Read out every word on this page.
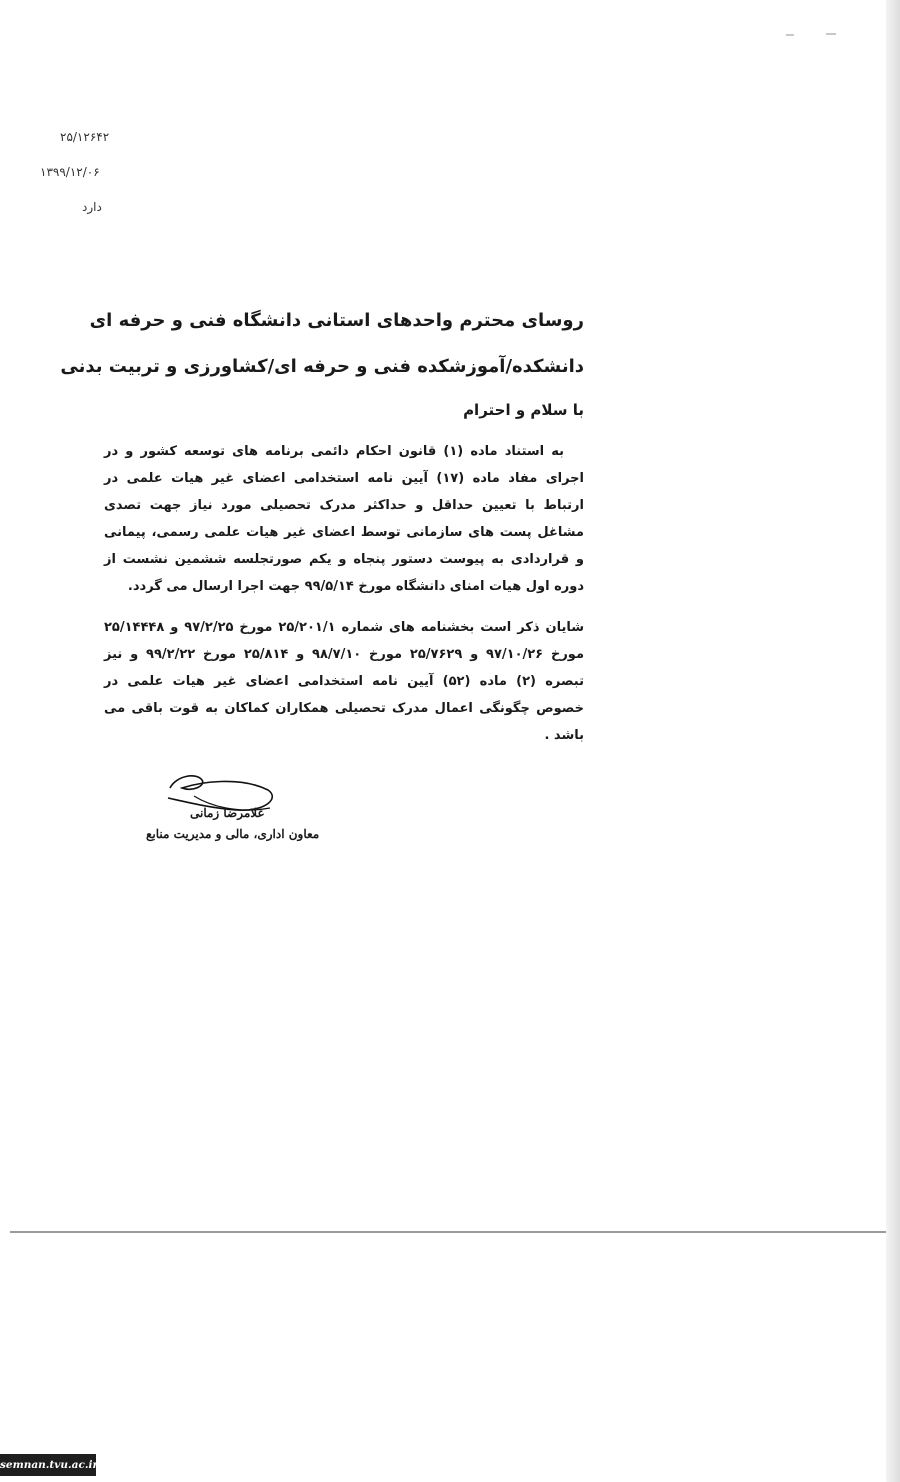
۲۵/۱۲۶۴۲
۱۳۹۹/۱۲/۰۶
دارد
روسای محترم واحدهای استانی دانشگاه فنی و حرفه ای
دانشکده/آموزشکده فنی و حرفه ای/کشاورزی و تربیت بدنی
با سلام و احترام
به استناد ماده (۱) قانون احکام دائمی برنامه های توسعه کشور و در اجرای مفاد ماده (۱۷) آیین نامه استخدامی اعضای غیر هیات علمی در ارتباط با تعیین حداقل و حداکثر مدرک تحصیلی مورد نیاز جهت تصدی مشاغل پست های سازمانی توسط اعضای غیر هیات علمی رسمی، پیمانی و قراردادی به پیوست دستور پنجاه و یکم صورتجلسه ششمین نشست از دوره اول هیات امنای دانشگاه مورخ ۹۹/۵/۱۴ جهت اجرا ارسال می گردد.
شایان ذکر است بخشنامه های شماره ۲۵/۲۰۱/۱ مورخ ۹۷/۲/۲۵ و ۲۵/۱۴۴۴۸ مورخ ۹۷/۱۰/۲۶ و ۲۵/۷۶۲۹ مورخ ۹۸/۷/۱۰ و ۲۵/۸۱۴ مورخ ۹۹/۲/۲۲ و نیز تبصره (۲) ماده (۵۲) آیین نامه استخدامی اعضای غیر هیات علمی در خصوص چگونگی اعمال مدرک تحصیلی همکاران کماکان به قوت باقی می باشد .
غلامرضا زمانی
معاون اداری، مالی و مدیریت منابع
semnan.tvu.ac.ir
